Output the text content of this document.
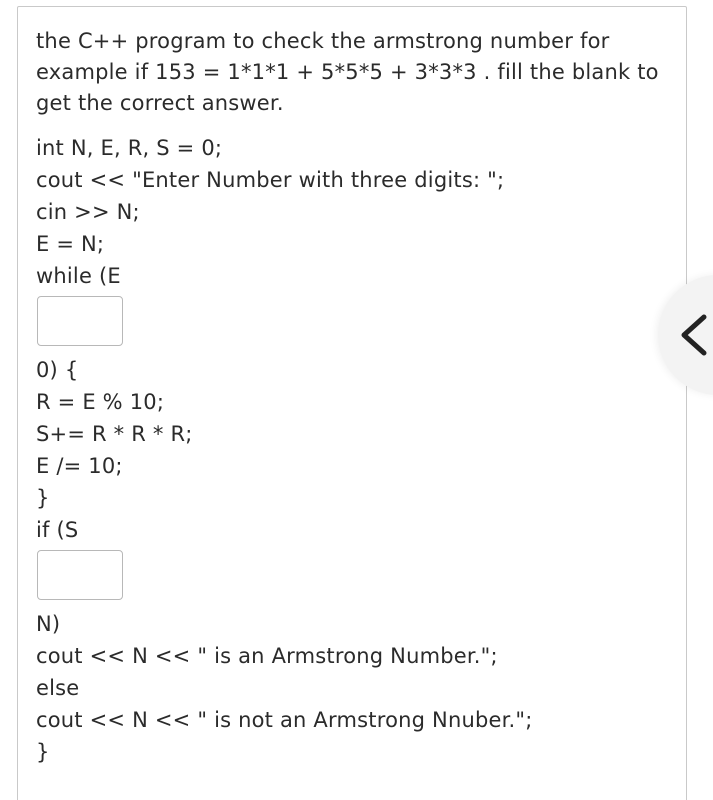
the C++ program to check the armstrong number for

example if 153 = 1*1*1 + 5*5*5 + 3*3*3 . fill the blank to

get the correct answer.

int N, E, R, S = 0;
cout << "Enter Number with three digits: ";
cin >> N;
E = N;
while (E
0) {
R = E % 10;
S+= R * R * R;
E /= 10;
}
if (S
N)
cout << N << " is an Armstrong Number.";
else
cout << N << " is not an Armstrong Nnuber.";
}
